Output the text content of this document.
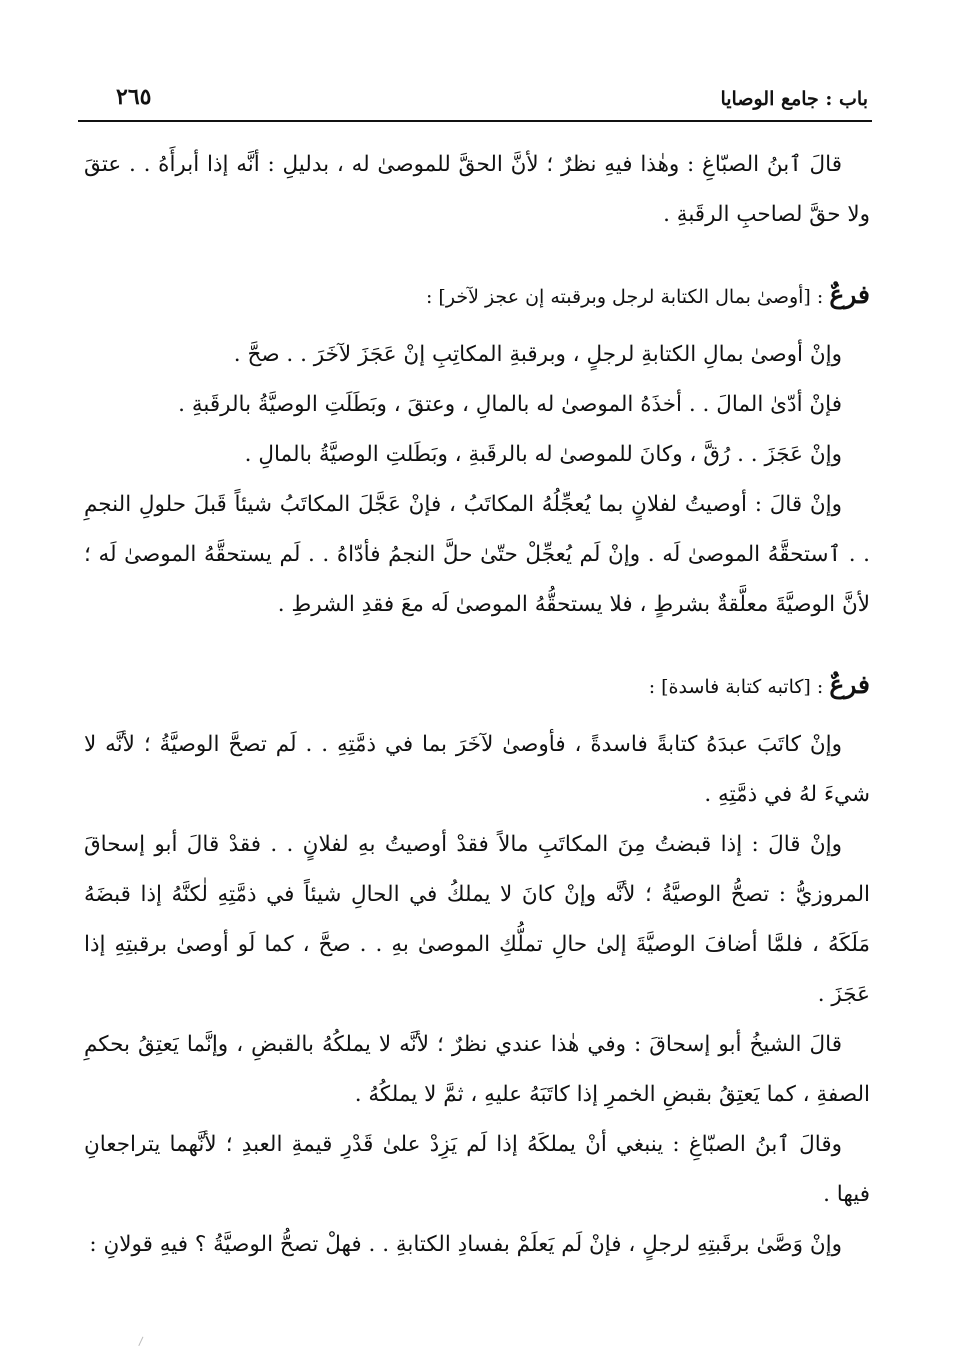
باب : جامع الوصايا
٢٦٥

قالَ ٱبنُ الصبّاغِ : وهٰذا فيهِ نظرٌ ؛ لأنَّ الحقَّ للموصىٰ له ، بدليلِ : أنَّه إذا أبرأَهُ . . عتقَ ولا حقَّ لصاحبِ الرقَبةِ .

فرعٌ : [أوصىٰ بمال الكتابة لرجل وبرقبته إن عجز لآخر] :

وإنْ أوصىٰ بمالِ الكتابةِ لرجلٍ ، وبرقبةِ المكاتِبِ إنْ عَجَزَ لآخَرَ . . صحَّ .

فإنْ أدّىٰ المالَ . . أخذَهُ الموصىٰ له بالمالِ ، وعتقَ ، وبَطَلَتِ الوصيَّةُ بالرقَبةِ .

وإنْ عَجَزَ . . رُقَّ ، وكانَ للموصىٰ له بالرقَبةِ ، وبَطَلتِ الوصيَّةُ بالمالِ .

وإنْ قالَ : أوصيتُ لفلانٍ بما يُعجِّلُهُ المكاتَبُ ، فإنْ عَجَّلَ المكاتَبُ شيئاً قَبلَ حلولِ النجمِ . . ٱستحقَّهُ الموصىٰ لَه . وإنْ لَم يُعجِّلْ حتّىٰ حلَّ النجمُ فأدّاهُ . . لَم يستحقَّهُ الموصىٰ لَه ؛ لأنَّ الوصيَّةَ معلَّقةٌ بشرطٍ ، فلا يستحقُّهُ الموصىٰ لَه معَ فقدِ الشرطِ .

فرعٌ : [كاتبه كتابة فاسدة] :

وإنْ كاتَبَ عبدَهُ كتابةً فاسدةً ، فأوصىٰ لآخَرَ بما في ذمَّتِهِ . . لَم تصحَّ الوصيَّةُ ؛ لأنَّه لا شيءَ لهُ في ذمَّتِهِ .

وإنْ قالَ : إذا قبضتُ مِنَ المكاتَبِ مالاً فقدْ أوصيتُ بهِ لفلانٍ . . فقدْ قالَ أبو إسحاقَ المروزيُّ : تصحُّ الوصيَّةُ ؛ لأنَّه وإنْ كانَ لا يملكُ في الحالِ شيئاً في ذمَّتِهِ لٰكنَّهُ إذا قبضَهُ مَلَكَهُ ، فلمَّا أضافَ الوصيَّةَ إلىٰ حالِ تملُّكِ الموصىٰ بهِ . . صحَّ ، كما لَو أوصىٰ برقبتِهِ إذا عَجَزَ .

قالَ الشيخُ أبو إسحاقَ : وفي هٰذا عندي نظرٌ ؛ لأنَّه لا يملكُهُ بالقبضِ ، وإنَّما يَعتِقُ بحكمِ الصفةِ ، كما يَعتِقُ بقبضِ الخمرِ إذا كاتَبَهُ عليهِ ، ثمَّ لا يملكُهُ .

وقالَ ٱبنُ الصبّاغِ : ينبغي أنْ يملكَهُ إذا لَم يَزِدْ علىٰ قَدْرِ قيمةِ العبدِ ؛ لأنَّهما يتراجعانِ فيها .

وإنْ وَصَّىٰ برقَبتِهِ لرجلٍ ، فإنْ لَم يَعلَمْ بفسادِ الكتابةِ . . فهلْ تصحُّ الوصيَّةُ ؟ فيهِ قولانِ :
